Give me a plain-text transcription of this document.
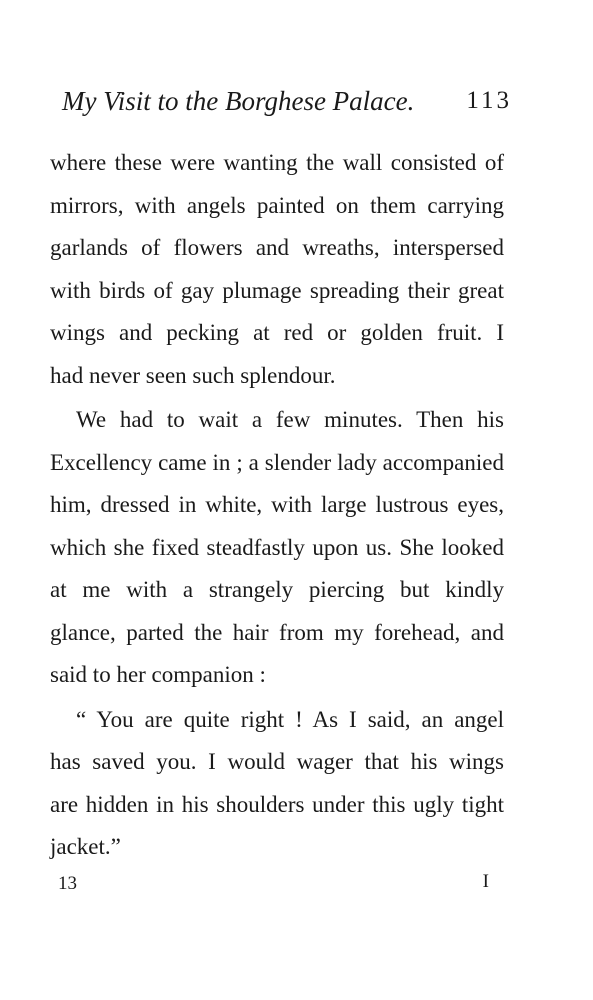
My Visit to the Borghese Palace. 113
where these were wanting the wall consisted of
mirrors, with angels painted on them carrying
garlands of flowers and wreaths, interspersed
with birds of gay plumage spreading their great
wings and pecking at red or golden fruit. I
had never seen such splendour.
We had to wait a few minutes. Then his
Excellency came in ; a slender lady accompanied
him, dressed in white, with large lustrous eyes,
which she fixed steadfastly upon us. She looked
at me with a strangely piercing but kindly
glance, parted the hair from my forehead, and
said to her companion :
“ You are quite right ! As I said, an angel
has saved you. I would wager that his wings
are hidden in his shoulders under this ugly tight
jacket.”
13	I
